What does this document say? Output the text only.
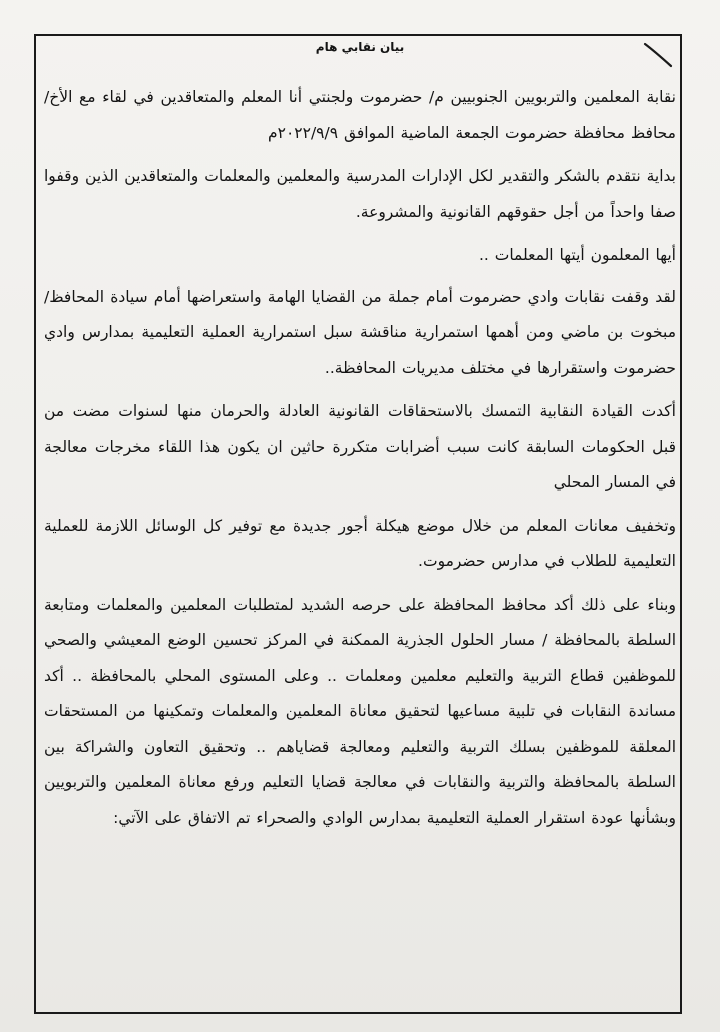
بيان نقابي هام

نقابة المعلمين والتربويين الجنوبيين م/ حضرموت ولجنتي أنا المعلم والمتعاقدين في لقاء مع الأخ/ محافظ محافظة حضرموت الجمعة الماضية الموافق ٢٠٢٢/٩/٩م

بداية نتقدم بالشكر والتقدير لكل الإدارات المدرسية والمعلمين والمعلمات والمتعاقدين الذين وقفوا صفا واحداً من أجل حقوقهم القانونية والمشروعة.

أيها المعلمون أيتها المعلمات ..

لقد وقفت نقابات وادي حضرموت أمام جملة من القضايا الهامة واستعراضها أمام سيادة المحافظ/ مبخوت بن ماضي ومن أهمها استمرارية مناقشة سبل استمرارية العملية التعليمية بمدارس وادي حضرموت واستقرارها في مختلف مديريات المحافظة..

أكدت القيادة النقابية التمسك بالاستحقاقات القانونية العادلة والحرمان منها لسنوات مضت من قبل الحكومات السابقة كانت سبب أضرابات متكررة حاثين ان يكون هذا اللقاء مخرجات معالجة في المسار المحلي

وتخفيف معانات المعلم من خلال موضع هيكلة أجور جديدة مع توفير كل الوسائل اللازمة للعملية التعليمية للطلاب في مدارس حضرموت.

وبناء على ذلك أكد محافظ المحافظة على حرصه الشديد لمتطلبات المعلمين والمعلمات ومتابعة السلطة بالمحافظة / مسار الحلول الجذرية الممكنة في المركز تحسين الوضع المعيشي والصحي للموظفين قطاع التربية والتعليم معلمين ومعلمات .. وعلى المستوى المحلي بالمحافظة .. أكد مساندة النقابات في تلبية مساعيها لتحقيق معاناة المعلمين والمعلمات وتمكينها من المستحقات المعلقة للموظفين بسلك التربية والتعليم ومعالجة قضاياهم .. وتحقيق التعاون والشراكة بين السلطة بالمحافظة والتربية والنقابات في معالجة قضايا التعليم ورفع معاناة المعلمين والتربويين وبشأنها عودة استقرار العملية التعليمية بمدارس الوادي والصحراء تم الاتفاق على الآتي:
